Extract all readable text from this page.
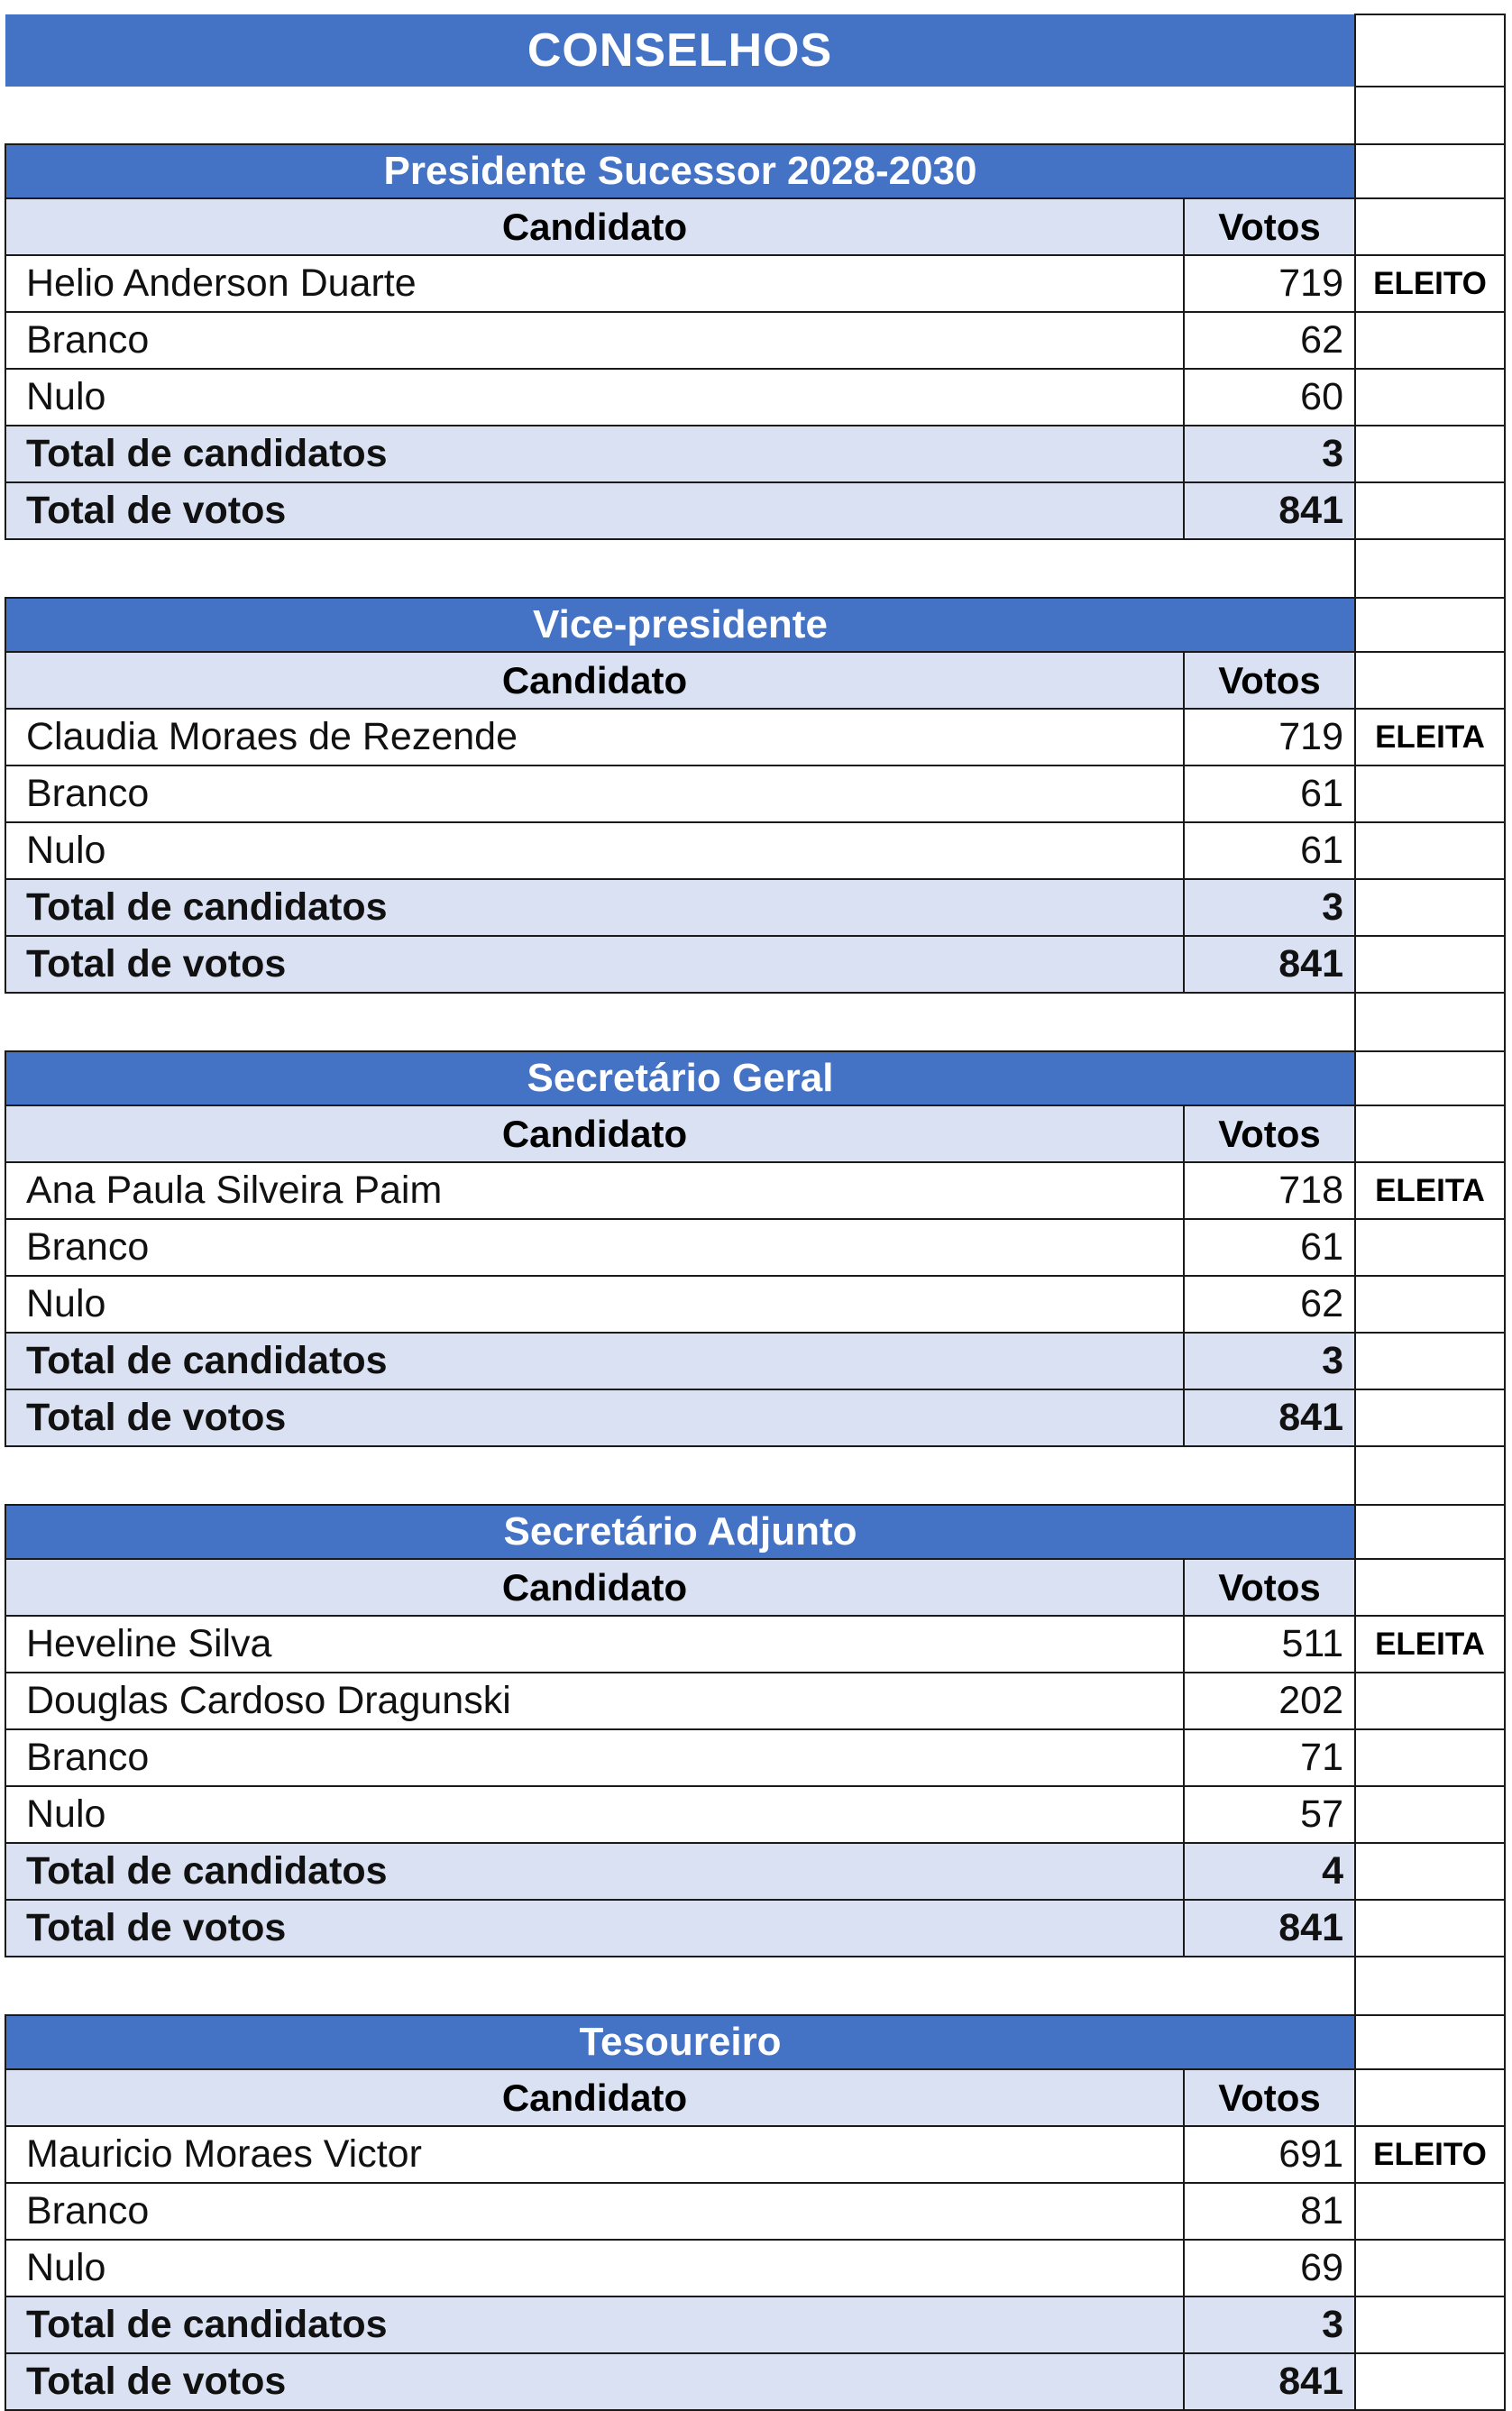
CONSELHOS		

Presidente Sucessor 2028-2030		
Candidato	Votos	
Helio Anderson Duarte	719	ELEITO
Branco	62	
Nulo	60	
Total de candidatos	3	
Total de votos	841	

Vice-presidente		
Candidato	Votos	
Claudia Moraes de Rezende	719	ELEITA
Branco	61	
Nulo	61	
Total de candidatos	3	
Total de votos	841	

Secretário Geral		
Candidato	Votos	
Ana Paula Silveira Paim	718	ELEITA
Branco	61	
Nulo	62	
Total de candidatos	3	
Total de votos	841	

Secretário Adjunto		
Candidato	Votos	
Heveline Silva	511	ELEITA
Douglas Cardoso Dragunski	202	
Branco	71	
Nulo	57	
Total de candidatos	4	
Total de votos	841	

Tesoureiro		
Candidato	Votos	
Mauricio Moraes Victor	691	ELEITO
Branco	81	
Nulo	69	
Total de candidatos	3	
Total de votos	841	
